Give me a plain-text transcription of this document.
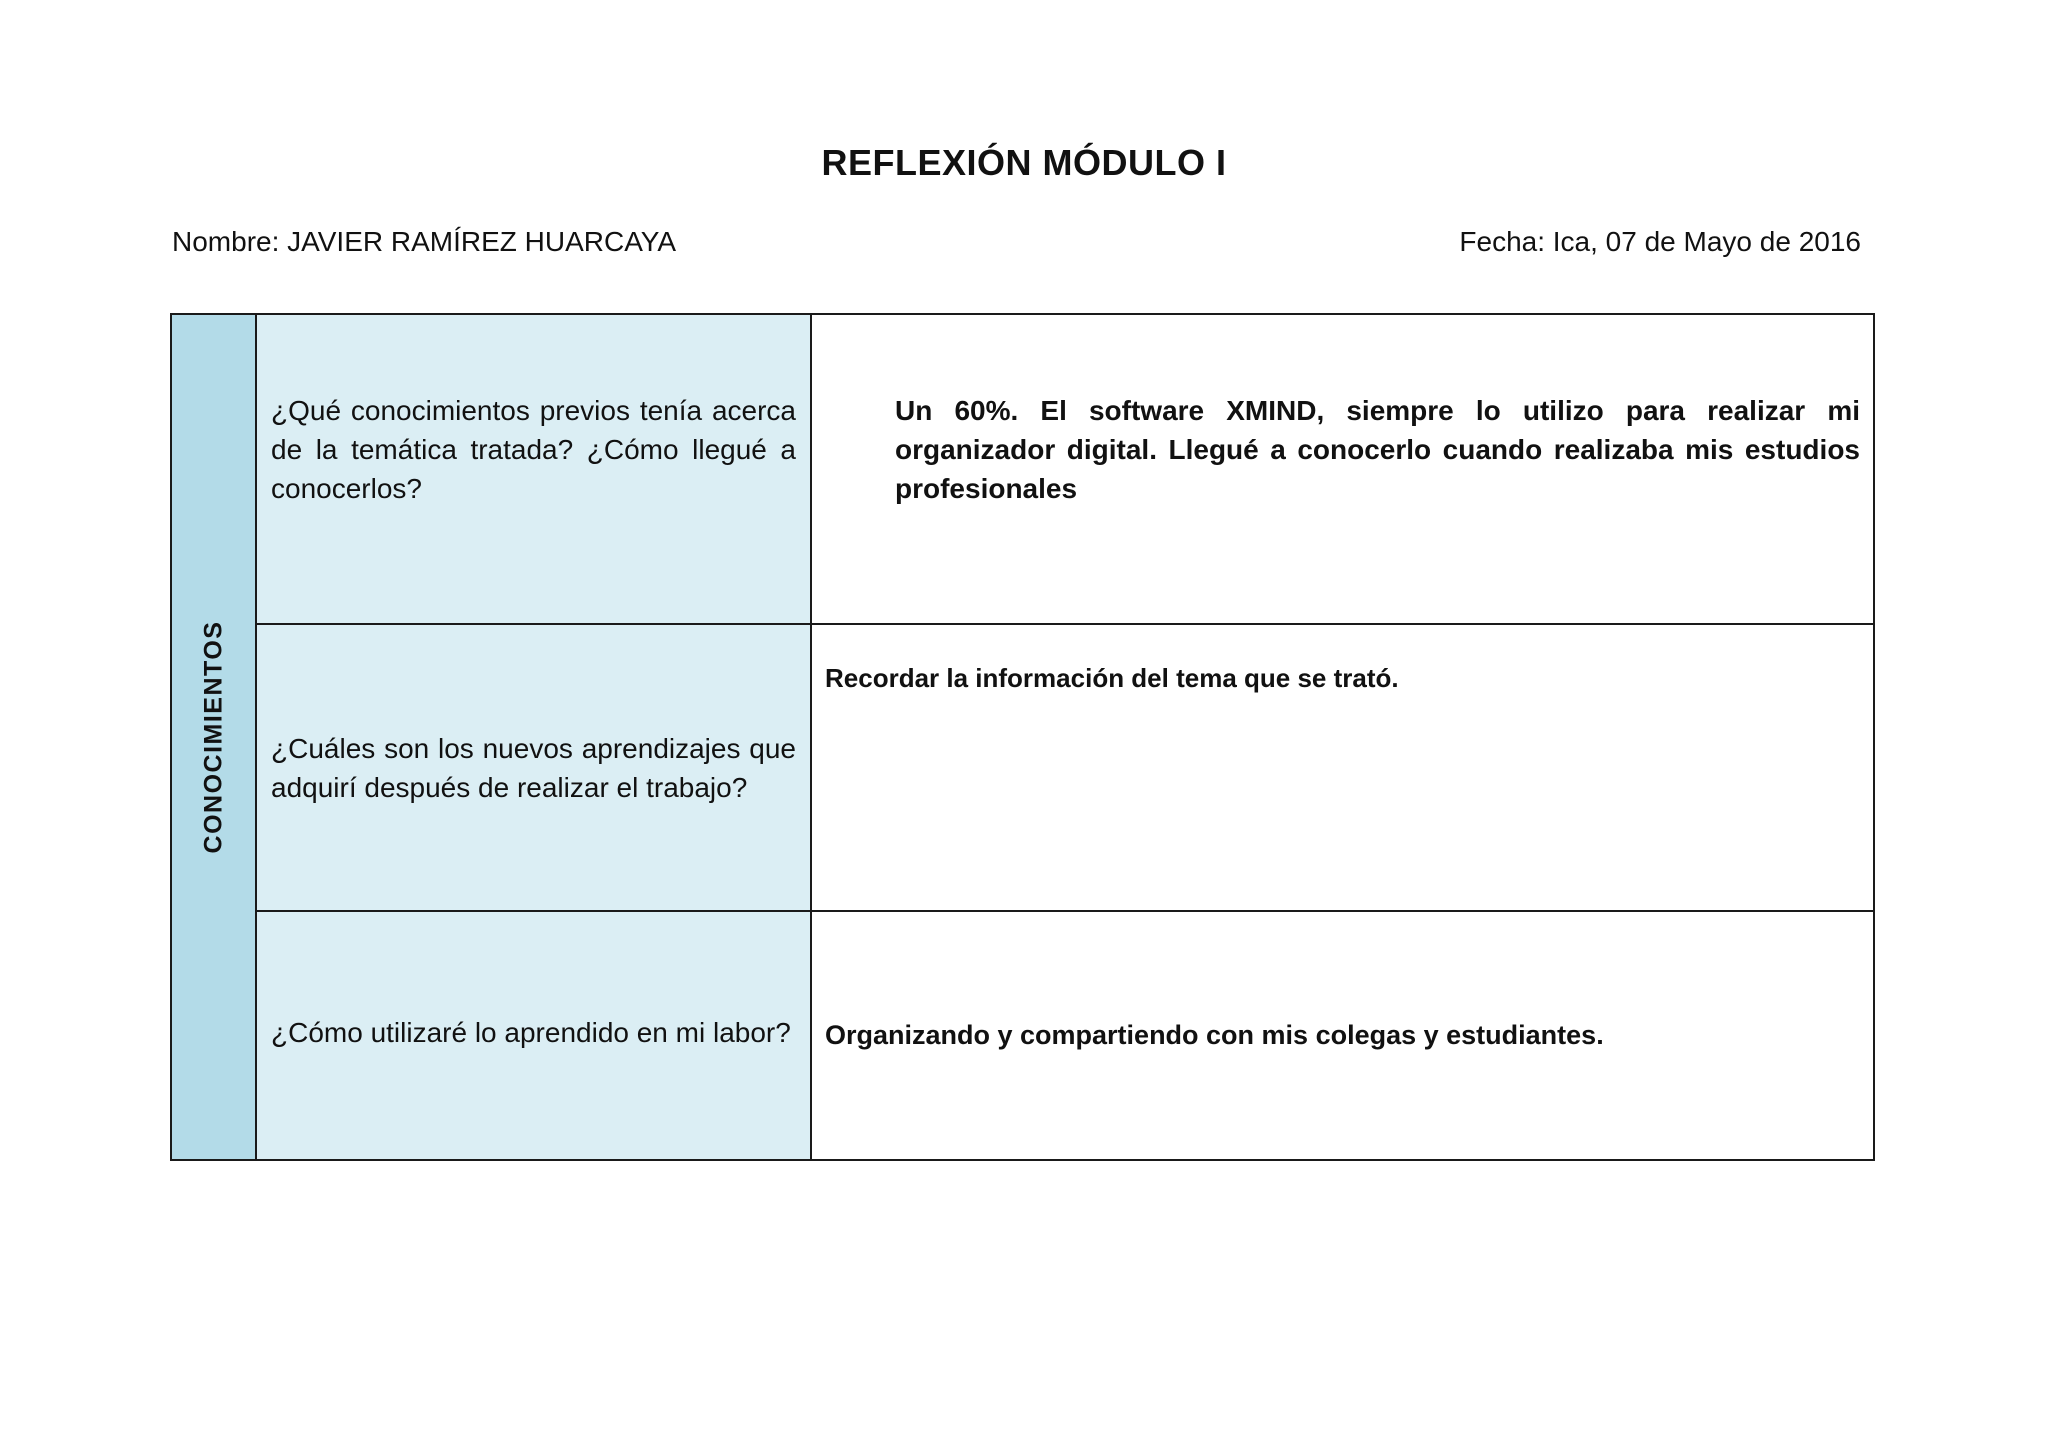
REFLEXIÓN MÓDULO I
Nombre: JAVIER RAMÍREZ HUARCAYA	Fecha: Ica, 07 de Mayo de 2016
CONOCIMIENTOS
¿Qué conocimientos previos tenía acerca de la temática tratada? ¿Cómo llegué a conocerlos?
Un 60%. El software XMIND, siempre lo utilizo para realizar mi organizador digital. Llegué a conocerlo cuando realizaba mis estudios profesionales
¿Cuáles son los nuevos aprendizajes que adquirí después de realizar el trabajo?
Recordar la información del tema que se trató.
¿Cómo utilizaré lo aprendido en mi labor? Organizando y compartiendo con mis colegas y estudiantes.
